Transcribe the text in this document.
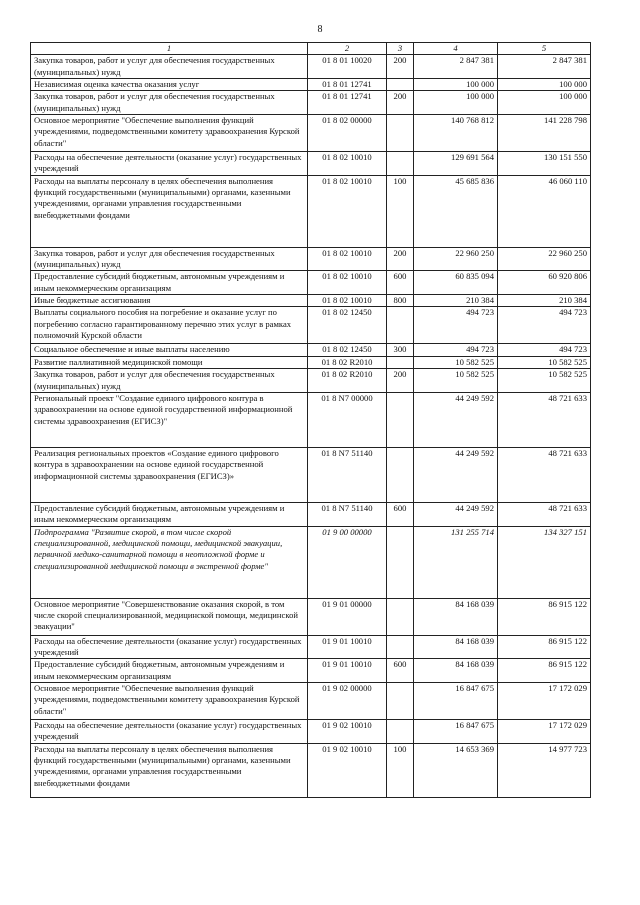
8
1	2	3	4	5
Закупка товаров, работ и услуг для обеспечения государственных (муниципальных) нужд	01 8 01 10020	200	2 847 381	2 847 381
Независимая оценка качества оказания услуг	01 8 01 12741		100 000	100 000
Закупка товаров, работ и услуг для обеспечения государственных (муниципальных) нужд	01 8 01 12741	200	100 000	100 000
Основное мероприятие "Обеспечение выполнения функций учреждениями, подведомственными комитету здравоохранения Курской области"	01 8 02 00000		140 768 812	141 228 798
Расходы на обеспечение деятельности (оказание услуг) государственных учреждений	01 8 02 10010		129 691 564	130 151 550
Расходы на выплаты персоналу в целях обеспечения выполнения функций государственными (муниципальными) органами, казенными учреждениями, органами управления государственными внебюджетными фондами	01 8 02 10010	100	45 685 836	46 060 110
Закупка товаров, работ и услуг для обеспечения государственных (муниципальных) нужд	01 8 02 10010	200	22 960 250	22 960 250
Предоставление субсидий бюджетным, автономным учреждениям и иным некоммерческим организациям	01 8 02 10010	600	60 835 094	60 920 806
Иные бюджетные ассигнования	01 8 02 10010	800	210 384	210 384
Выплаты социального пособия на погребение и оказание услуг по погребению согласно гарантированному перечню этих услуг в рамках полномочий Курской области	01 8 02 12450		494 723	494 723
Социальное обеспечение и иные выплаты населению	01 8 02 12450	300	494 723	494 723
Развитие паллиативной медицинской помощи	01 8 02 R2010		10 582 525	10 582 525
Закупка товаров, работ и услуг для обеспечения государственных (муниципальных) нужд	01 8 02 R2010	200	10 582 525	10 582 525
Региональный проект "Создание единого цифрового контура в здравоохранении на основе единой государственной информационной системы здравоохранения (ЕГИСЗ)"	01 8 N7 00000		44 249 592	48 721 633
Реализация региональных проектов «Создание единого цифрового контура в здравоохранении на основе единой государственной информационной системы здравоохранения (ЕГИСЗ)»	01 8 N7 51140		44 249 592	48 721 633
Предоставление субсидий бюджетным, автономным учреждениям и иным некоммерческим организациям	01 8 N7 51140	600	44 249 592	48 721 633
Подпрограмма "Развитие скорой, в том числе скорой специализированной, медицинской помощи, медицинской эвакуации, первичной медико-санитарной помощи в неотложной форме и специализированной медицинской помощи в экстренной форме"	01 9 00 00000		131 255 714	134 327 151
Основное мероприятие "Совершенствование оказания скорой, в том числе скорой специализированной, медицинской помощи, медицинской эвакуации"	01 9 01 00000		84 168 039	86 915 122
Расходы на обеспечение деятельности (оказание услуг) государственных учреждений	01 9 01 10010		84 168 039	86 915 122
Предоставление субсидий бюджетным, автономным учреждениям и иным некоммерческим организациям	01 9 01 10010	600	84 168 039	86 915 122
Основное мероприятие "Обеспечение выполнения функций учреждениями, подведомственными комитету здравоохранения Курской области"	01 9 02 00000		16 847 675	17 172 029
Расходы на обеспечение деятельности (оказание услуг) государственных учреждений	01 9 02 10010		16 847 675	17 172 029
Расходы на выплаты персоналу в целях обеспечения выполнения функций государственными (муниципальными) органами, казенными учреждениями, органами управления государственными внебюджетными фондами	01 9 02 10010	100	14 653 369	14 977 723
